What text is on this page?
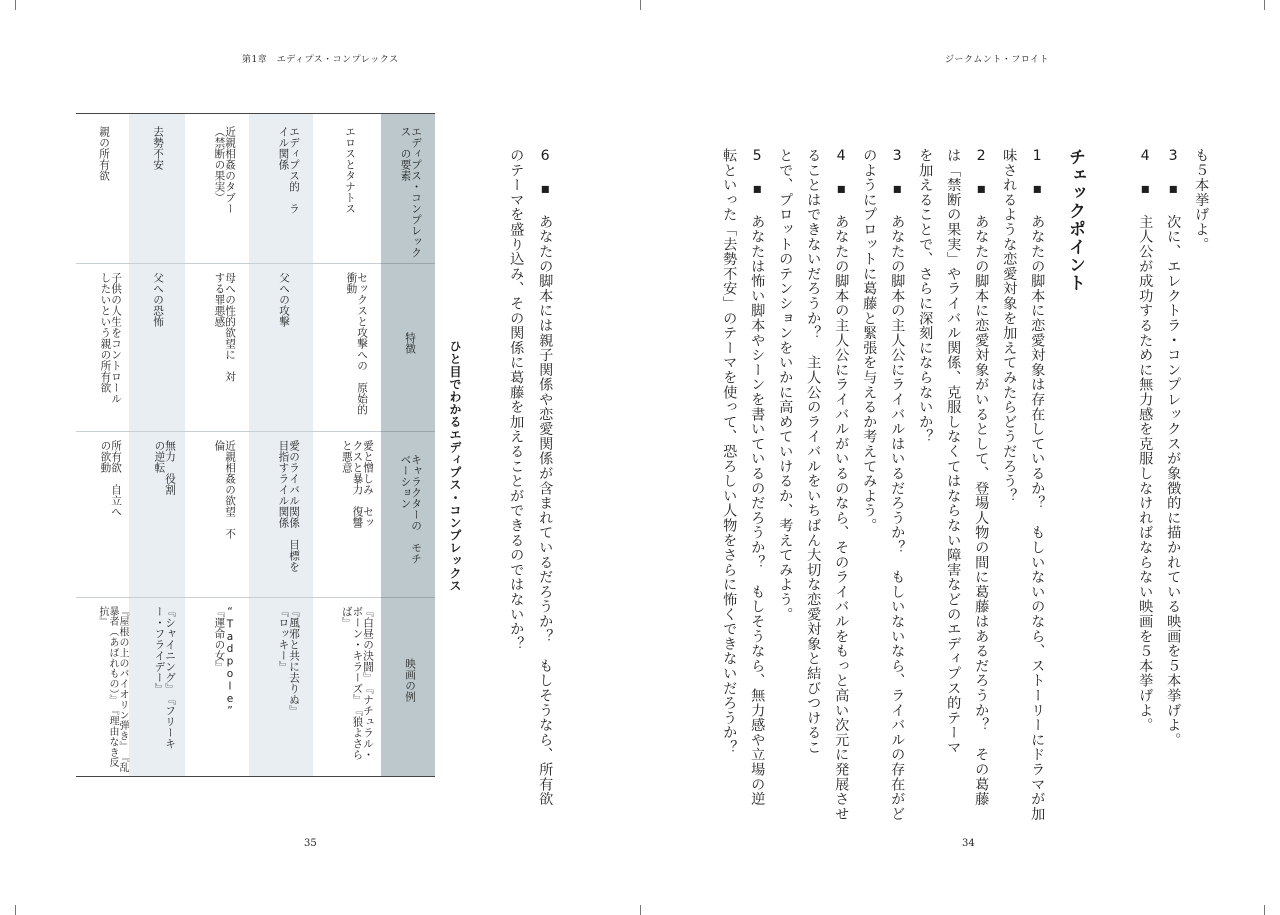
第1章　エディプス・コンプレックス
6 ▪ あなたの脚本には親子関係や恋愛関係が含まれているだろうか？　もしそうなら、所有欲
のテーマを盛り込み、その関係に葛藤を加えることができるのではないか？
ひと目でわかるエディプス・コンプレックス
エディプス・コンプレックス　の要素
特徴
キャラクターの　モチベーション
映画の例
エロスとタナトス
セックスと攻撃への　原始的衝動
愛と憎しみ　セックスと暴力　復讐と悪意
『白昼の決闘』　『ナチュラル・ボーン・キラーズ』　『狼よさらば』
エディプス的　ライル関係
父への攻撃
愛のライバル関係　目標を目指すライル関係
『風邪と共に去りぬ』　『ロッキー』
近親相姦のタブー　（禁断の果実）
母への性的欲望に　対する罪悪感
近親相姦の欲望　不倫
“Tadpole”　『運命の女』
去勢不安
父への恐怖
無力　役割の逆転
『シャイニング』　『フリーキー・フライデー』
親の所有欲
子供の人生をコントロール　したいという親の所有欲
所有欲　自立への欲動
『屋根の上のバイオリン弾き』　『乱暴者（あばれもの）』　『理由なき反抗』
35
ジークムント・フロイト
4 ▪ 主人公が成功するために無力感を克服しなければならない映画を５本挙げよ。 3 ▪ 次に、エレクトラ・コンプレックスが象徴的に描かれている映画を５本挙げよ。 も５本挙げよ。
チェックポイント
1 ▪ あなたの脚本に恋愛対象は存在しているか？　もしいないのなら、ストーリーにドラマが加
味されるような恋愛対象を加えてみたらどうだろう？
2 ▪ あなたの脚本に恋愛対象がいるとして、登場人物の間に葛藤はあるだろうか？　その葛藤
は「禁断の果実」やライバル関係、克服しなくてはならない障害などのエディプス的テーマ
を加えることで、さらに深刻にならないか？
3 ▪ あなたの脚本の主人公にライバルはいるだろうか？　もしいないなら、ライバルの存在がど
のようにプロットに葛藤と緊張を与えるか考えてみよう。
4 ▪ あなたの脚本の主人公にライバルがいるのなら、そのライバルをもっと高い次元に発展させ
ることはできないだろうか？　主人公のライバルをいちばん大切な恋愛対象と結びつけるこ
とで、プロットのテンションをいかに高めていけるか、考えてみよう。
5 ▪ あなたは怖い脚本やシーンを書いているのだろうか？　もしそうなら、無力感や立場の逆
転といった「去勢不安」のテーマを使って、恐ろしい人物をさらに怖くできないだろうか？
34
